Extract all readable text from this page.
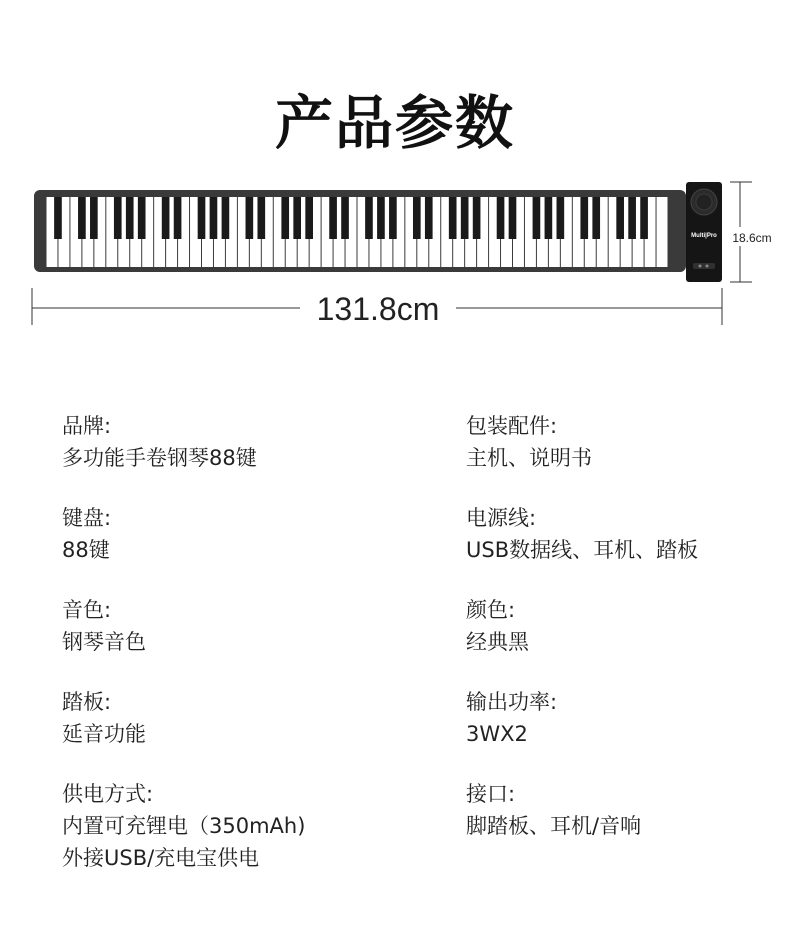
产品参数
Multi|Pro 18.6cm
131.8cm
品牌:
多功能手卷钢琴88键
键盘:
88键
音色:
钢琴音色
踏板:
延音功能
供电方式:
内置可充锂电（350mAh)
外接USB/充电宝供电
包装配件:
主机、说明书
电源线:
USB数据线、耳机、踏板
颜色:
经典黑
输出功率:
3WX2
接口:
脚踏板、耳机/音响
